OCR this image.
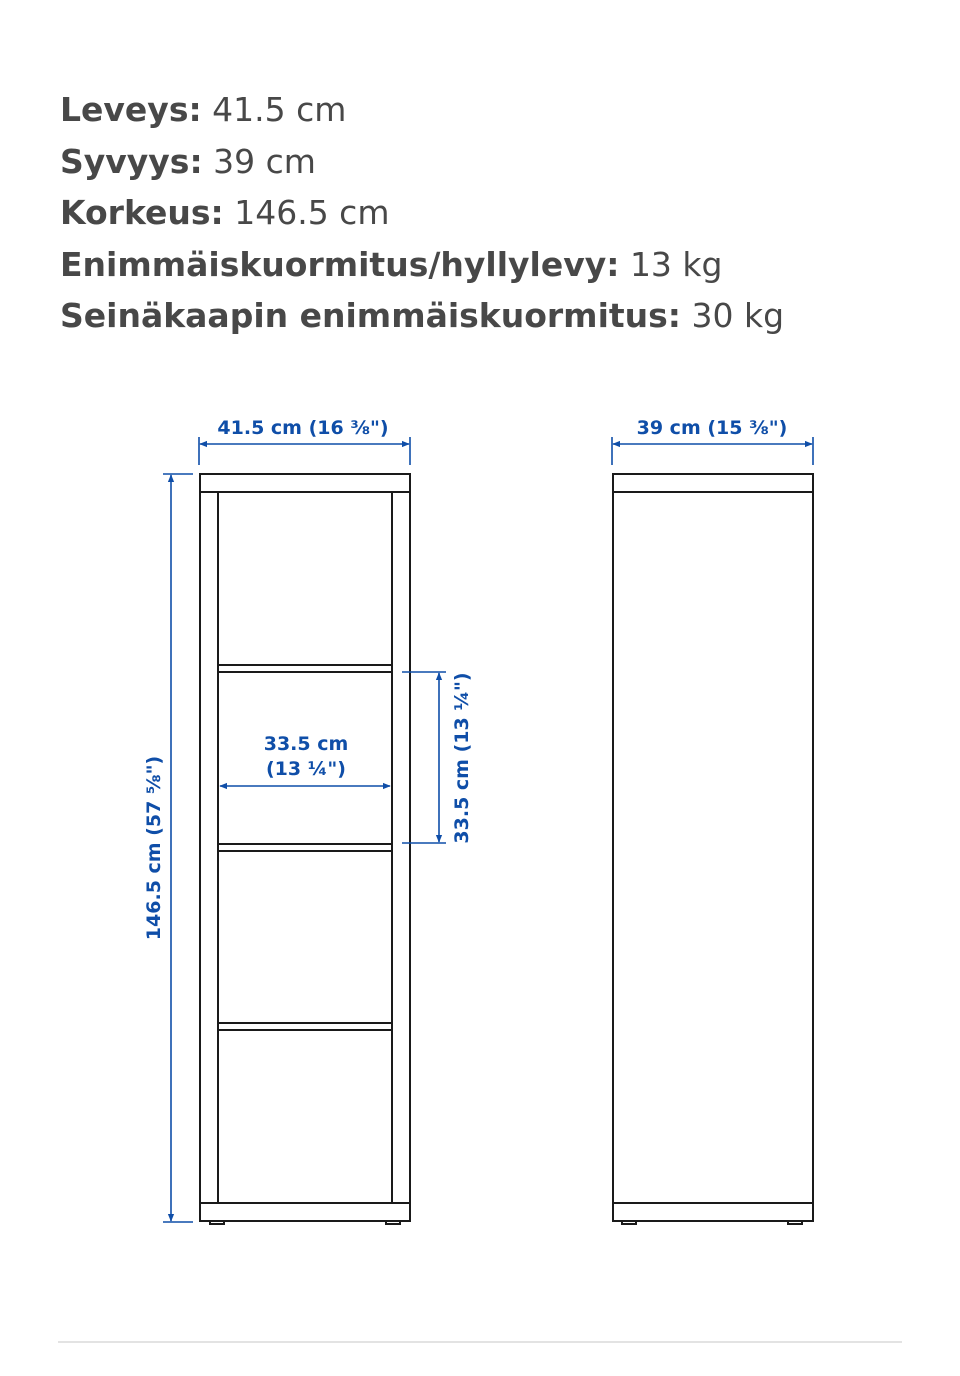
Leveys: 41.5 cm
Syvyys: 39 cm
Korkeus: 146.5 cm
Enimmäiskuormitus/hyllylevy: 13 kg
Seinäkaapin enimmäiskuormitus: 30 kg
41.5 cm (16 ⅜")	39 cm (15 ⅜")
146.5 cm (57 ⅝")
33.5 cm
(13 ¼")	33.5 cm (13 ¼")
